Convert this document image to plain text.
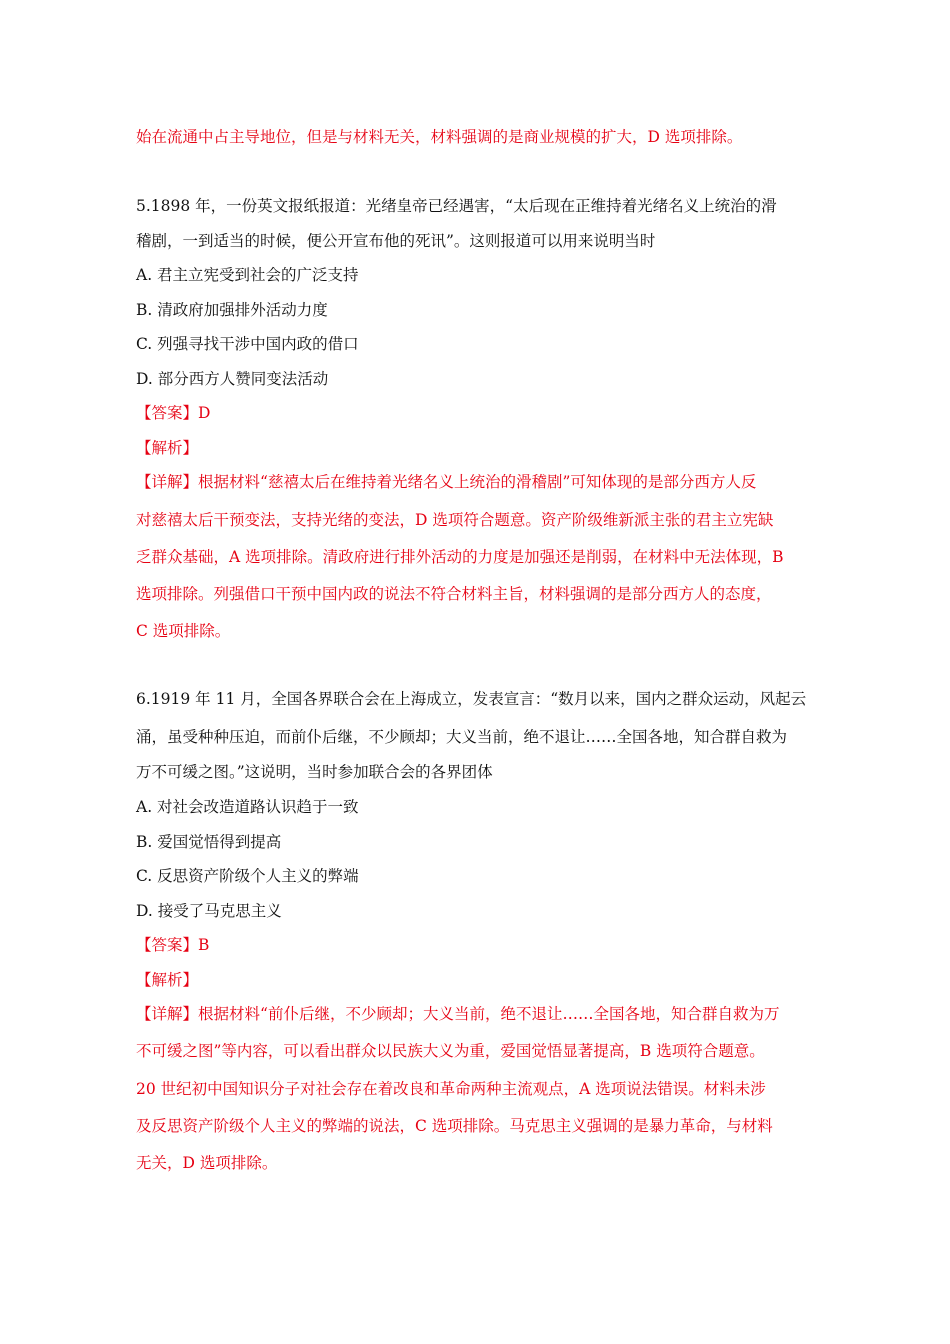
始在流通中占主导地位，但是与材料无关，材料强调的是商业规模的扩大，D 选项排除。
5.1898 年，一份英文报纸报道：光绪皇帝已经遇害，“太后现在正维持着光绪名义上统治的滑
稽剧，一到适当的时候，便公开宣布他的死讯”。这则报道可以用来说明当时
A. 君主立宪受到社会的广泛支持
B. 清政府加强排外活动力度
C. 列强寻找干涉中国内政的借口
D. 部分西方人赞同变法活动
【答案】D
【解析】
【详解】根据材料“慈禧太后在维持着光绪名义上统治的滑稽剧”可知体现的是部分西方人反
对慈禧太后干预变法，支持光绪的变法，D 选项符合题意。资产阶级维新派主张的君主立宪缺
乏群众基础，A 选项排除。清政府进行排外活动的力度是加强还是削弱，在材料中无法体现，B
选项排除。列强借口干预中国内政的说法不符合材料主旨，材料强调的是部分西方人的态度，
C 选项排除。
6.1919 年 11 月，全国各界联合会在上海成立，发表宣言：“数月以来，国内之群众运动，风起云
涌，虽受种种压迫，而前仆后继，不少顾却；大义当前，绝不退让……全国各地，知合群自救为
万不可缓之图。”这说明，当时参加联合会的各界团体
A. 对社会改造道路认识趋于一致
B. 爱国觉悟得到提高
C. 反思资产阶级个人主义的弊端
D. 接受了马克思主义
【答案】B
【解析】
【详解】根据材料“前仆后继，不少顾却；大义当前，绝不退让……全国各地，知合群自救为万
不可缓之图”等内容，可以看出群众以民族大义为重，爱国觉悟显著提高，B 选项符合题意。
20 世纪初中国知识分子对社会存在着改良和革命两种主流观点，A 选项说法错误。材料未涉
及反思资产阶级个人主义的弊端的说法，C 选项排除。马克思主义强调的是暴力革命，与材料
无关，D 选项排除。
